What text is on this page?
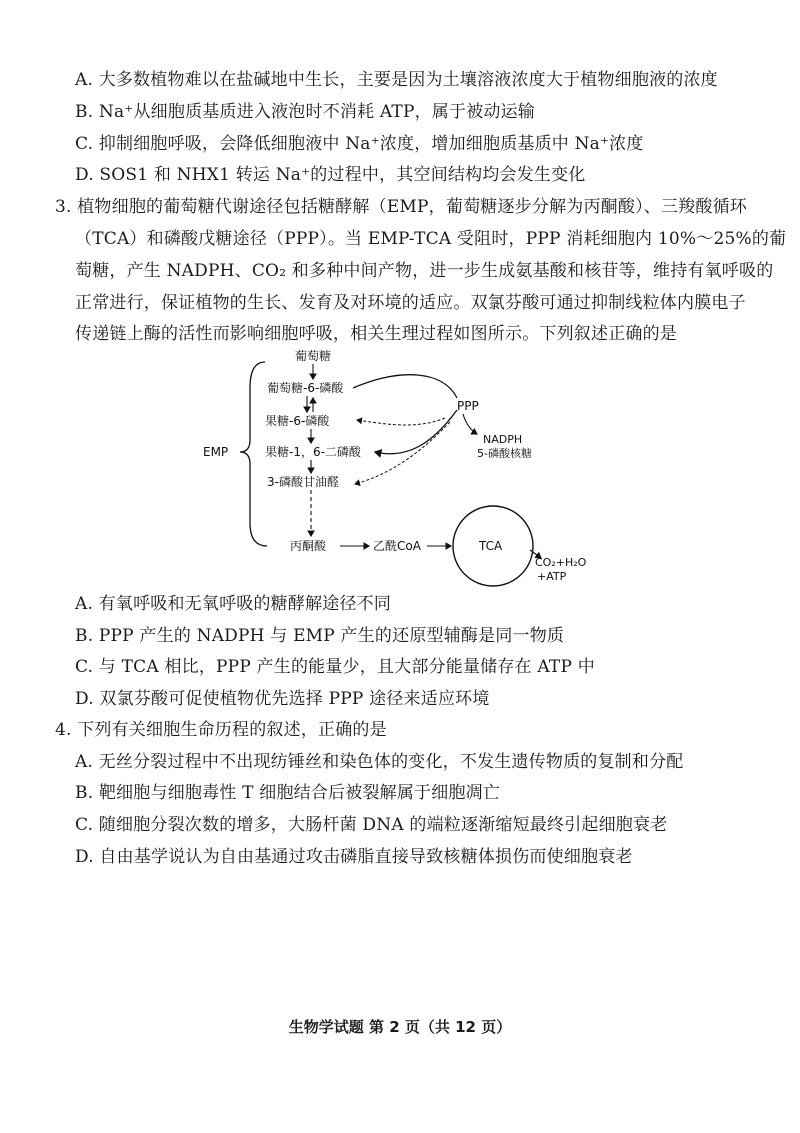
A. 大多数植物难以在盐碱地中生长，主要是因为土壤溶液浓度大于植物细胞液的浓度
B. Na⁺从细胞质基质进入液泡时不消耗 ATP，属于被动运输
C. 抑制细胞呼吸，会降低细胞液中 Na⁺浓度，增加细胞质基质中 Na⁺浓度
D. SOS1 和 NHX1 转运 Na⁺的过程中，其空间结构均会发生变化
3. 植物细胞的葡萄糖代谢途径包括糖酵解（EMP，葡萄糖逐步分解为丙酮酸）、三羧酸循环
（TCA）和磷酸戊糖途径（PPP）。当 EMP-TCA 受阻时，PPP 消耗细胞内 10%～25%的葡
萄糖，产生 NADPH、CO₂ 和多种中间产物，进一步生成氨基酸和核苷等，维持有氧呼吸的
正常进行，保证植物的生长、发育及对环境的适应。双氯芬酸可通过抑制线粒体内膜电子
传递链上酶的活性而影响细胞呼吸，相关生理过程如图所示。下列叙述正确的是
EMP
葡萄糖
葡萄糖-6-磷酸
果糖-6-磷酸
果糖-1，6-二磷酸
3-磷酸甘油醛
丙酮酸	乙酰CoA	TCA
CO₂+H₂O
+ATP
PPP
NADPH
5-磷酸核糖
A. 有氧呼吸和无氧呼吸的糖酵解途径不同
B. PPP 产生的 NADPH 与 EMP 产生的还原型辅酶是同一物质
C. 与 TCA 相比，PPP 产生的能量少，且大部分能量储存在 ATP 中
D. 双氯芬酸可促使植物优先选择 PPP 途径来适应环境
4. 下列有关细胞生命历程的叙述，正确的是
A. 无丝分裂过程中不出现纺锤丝和染色体的变化，不发生遗传物质的复制和分配
B. 靶细胞与细胞毒性 T 细胞结合后被裂解属于细胞凋亡
C. 随细胞分裂次数的增多，大肠杆菌 DNA 的端粒逐渐缩短最终引起细胞衰老
D. 自由基学说认为自由基通过攻击磷脂直接导致核糖体损伤而使细胞衰老
生物学试题 第 2 页（共 12 页）
